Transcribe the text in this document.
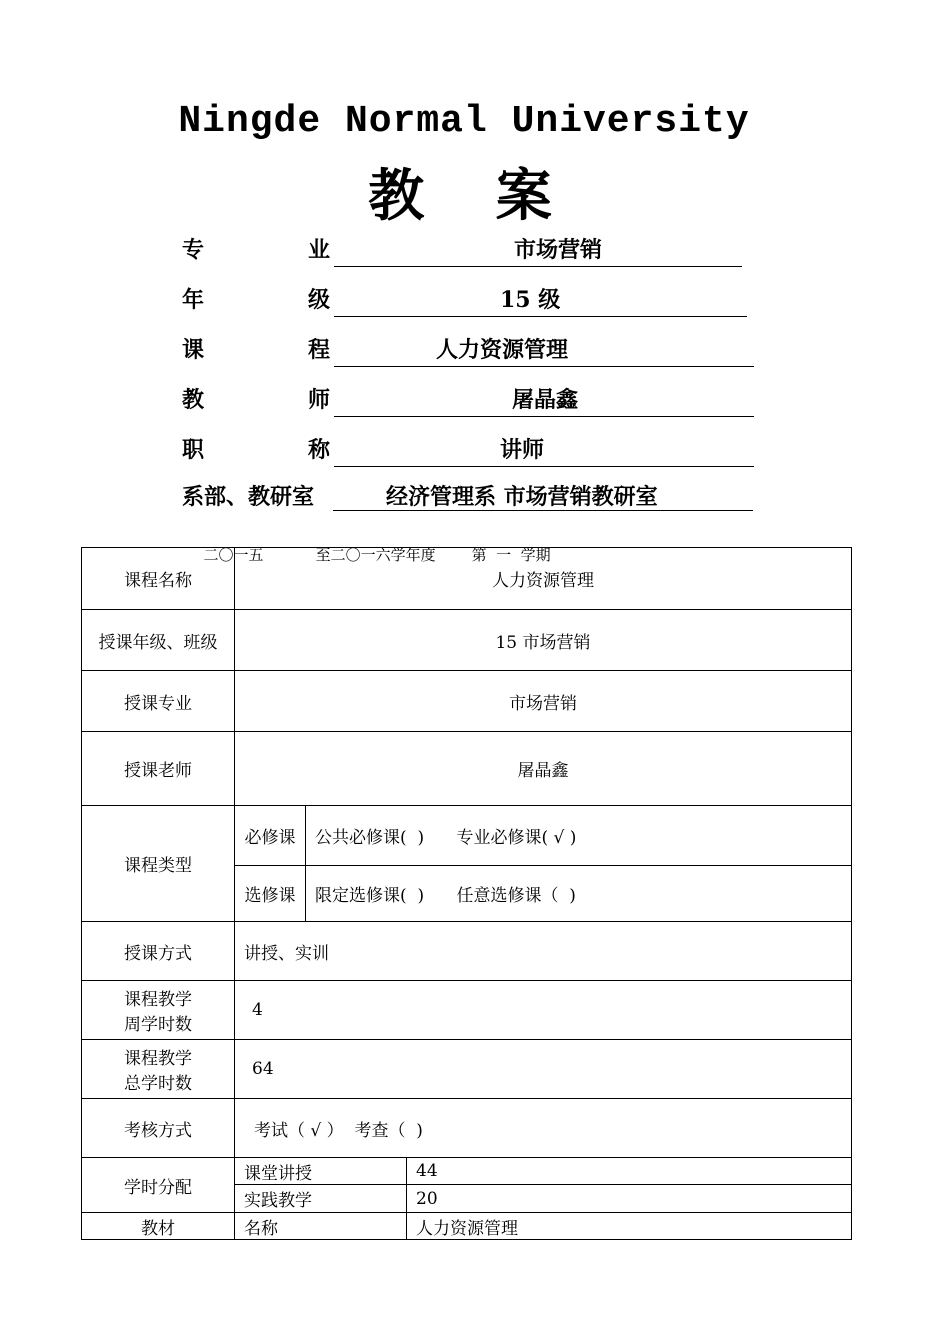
Ningde Normal University
教 案
专	业	市场营销
年	级	15 级
课	程	人力资源管理
教	师	屠晶鑫
职	称	讲师
系部、教研室	经济管理系 市场营销教研室

二〇一五	至二〇一六学年度 第  一  学期

课程名称	人力资源管理		
授课年级、班级	15 市场营销		
授课专业	市场营销		
授课老师	屠晶鑫		
课程类型	必修课	公共必修课(  )      专业必修课( √ )	
	选修课	限定选修课(  )      任意选修课（  )	
授课方式	讲授、实训		
课程教学
周学时数	4		
课程教学
总学时数	64		
考核方式	考试（ √ ）  考查（  )		
学时分配	课堂讲授		44
	实践教学		20
教材	名称		人力资源管理
